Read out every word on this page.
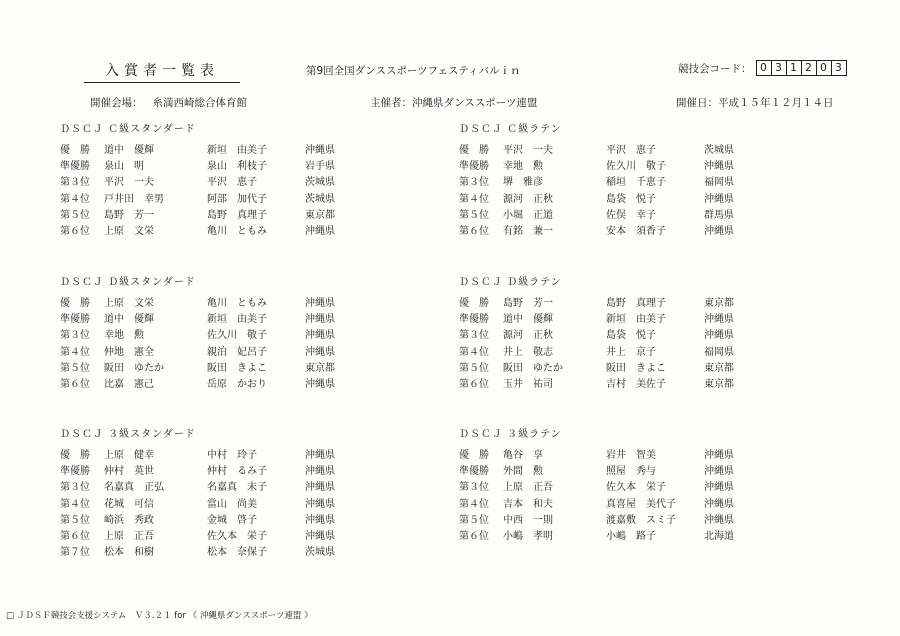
入賞者一覧表	第9回全国ダンススポーツフェスティバルｉｎ	競技会コード： 0 3 1 2 0 3
開催会場： 糸満西崎総合体育館	主催者：沖縄県ダンススポーツ連盟	開催日：平成１５年１２月１４日
ＤＳＣＪ Ｃ級スタンダード
優　勝	道中　優輝	新垣　由美子	沖縄県
準優勝	泉山　明	泉山　利枝子	岩手県
第３位	平沢　一夫	平沢　恵子	茨城県
第４位	戸井田　幸男	阿部　加代子	茨城県
第５位	島野　芳一	島野　真理子	東京都
第６位	上原　文栄	亀川　ともみ	沖縄県
ＤＳＣＪ Ｃ級ラテン
優　勝	平沢　一夫	平沢　恵子	茨城県
準優勝	幸地　勲	佐久川　敬子	沖縄県
第３位	堺　雅彦	稲垣　千恵子	福岡県
第４位	源河　正秋	島袋　悦子	沖縄県
第５位	小堀　正道	佐俣　幸子	群馬県
第６位	有銘　兼一	安本　須香子	沖縄県
ＤＳＣＪ Ｄ級スタンダード
優　勝	上原　文栄	亀川　ともみ	沖縄県
準優勝	道中　優輝	新垣　由美子	沖縄県
第３位	幸地　勲	佐久川　敬子	沖縄県
第４位	仲地　憲全	親泊　妃呂子	沖縄県
第５位	阪田　ゆたか	阪田　きよこ	東京都
第６位	比嘉　憲己	岳原　かおり	沖縄県
ＤＳＣＪ Ｄ級ラテン
優　勝	島野　芳一	島野　真理子	東京都
準優勝	道中　優輝	新垣　由美子	沖縄県
第３位	源河　正秋	島袋　悦子	沖縄県
第４位	井上　敬志	井上　京子	福岡県
第５位	阪田　ゆたか	阪田　きよこ	東京都
第６位	玉井　祐司	吉村　美佐子	東京都
ＤＳＣＪ ３級スタンダード
優　勝	上原　健幸	中村　玲子	沖縄県
準優勝	仲村　英世	仲村　るみ子	沖縄県
第３位	名嘉真　正弘	名嘉真　末子	沖縄県
第４位	花城　可信	當山　尚美	沖縄県
第５位	崎浜　秀政	金城　啓子	沖縄県
第６位	上原　正吾	佐久本　栄子	沖縄県
第７位	松本　和樹	松本　奈保子	茨城県
ＤＳＣＪ ３級ラテン
優　勝	亀谷　享	岩井　智美	沖縄県
準優勝	外間　勲	照屋　秀与	沖縄県
第３位	上原　正吾	佐久本　栄子	沖縄県
第４位	吉本　和夫	真喜屋　美代子	沖縄県
第５位	中西　一則	渡嘉敷　スミ子	沖縄県
第６位	小嶋　孝明	小嶋　路子	北海道
□ ＪＤＳＦ競技会支援システム　Ｖ３.２１ for 《 沖縄県ダンススポーツ連盟 》
